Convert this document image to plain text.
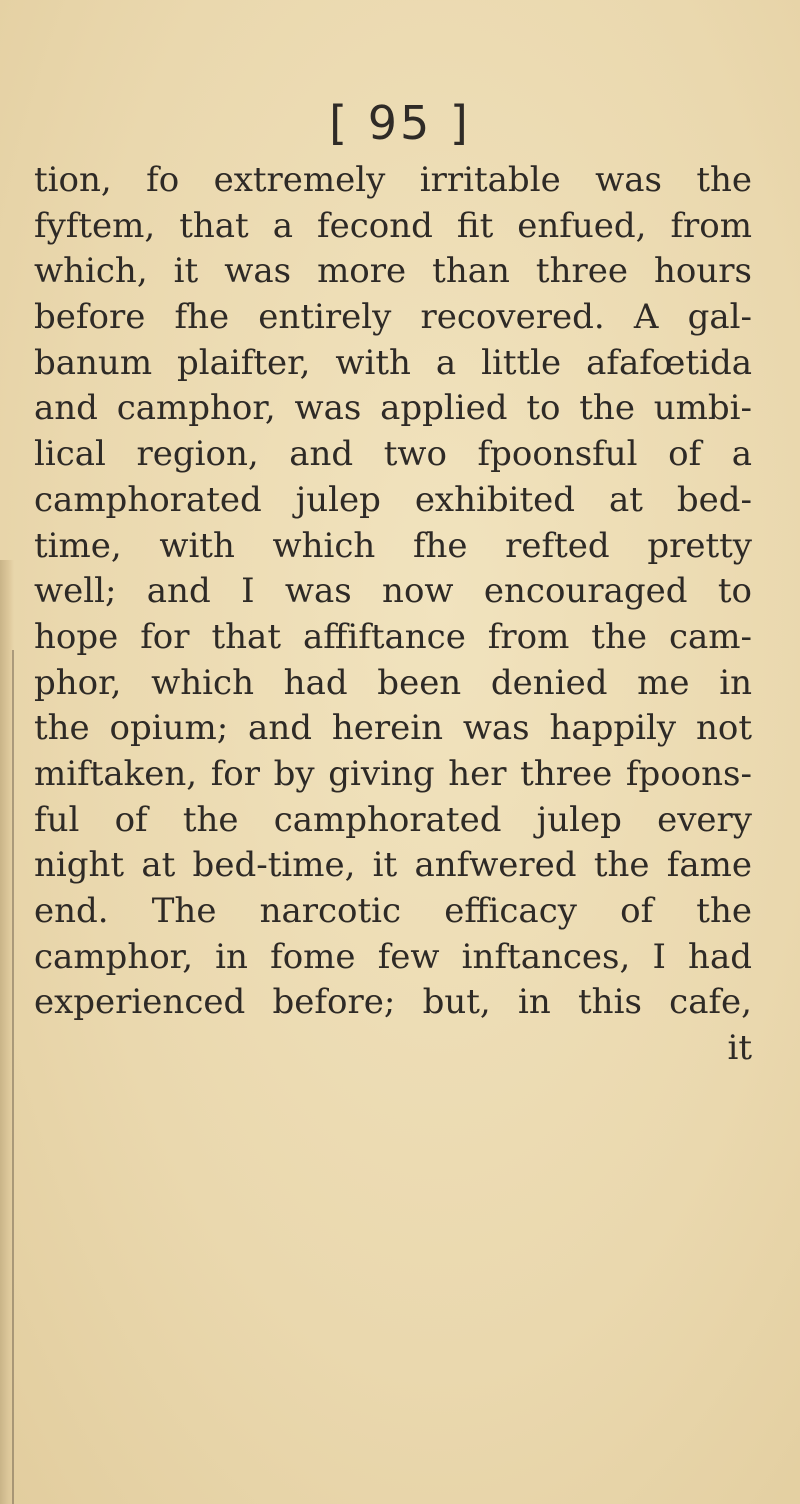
[ 95 ]
tion, fo extremely irritable was the
fyftem, that a fecond fit enfued, from
which, it was more than three hours
before fhe entirely recovered. A gal-
banum plaifter, with a little afafœtida
and camphor, was applied to the umbi-
lical region, and two fpoonsful of a
camphorated julep exhibited at bed-
time, with which fhe refted pretty
well; and I was now encouraged to
hope for that affiftance from the cam-
phor, which had been denied me in
the opium; and herein was happily not
miftaken, for by giving her three fpoons-
ful of the camphorated julep every
night at bed-time, it anfwered the fame
end. The narcotic efficacy of the
camphor, in fome few inftances, I had
experienced before; but, in this cafe,
it
